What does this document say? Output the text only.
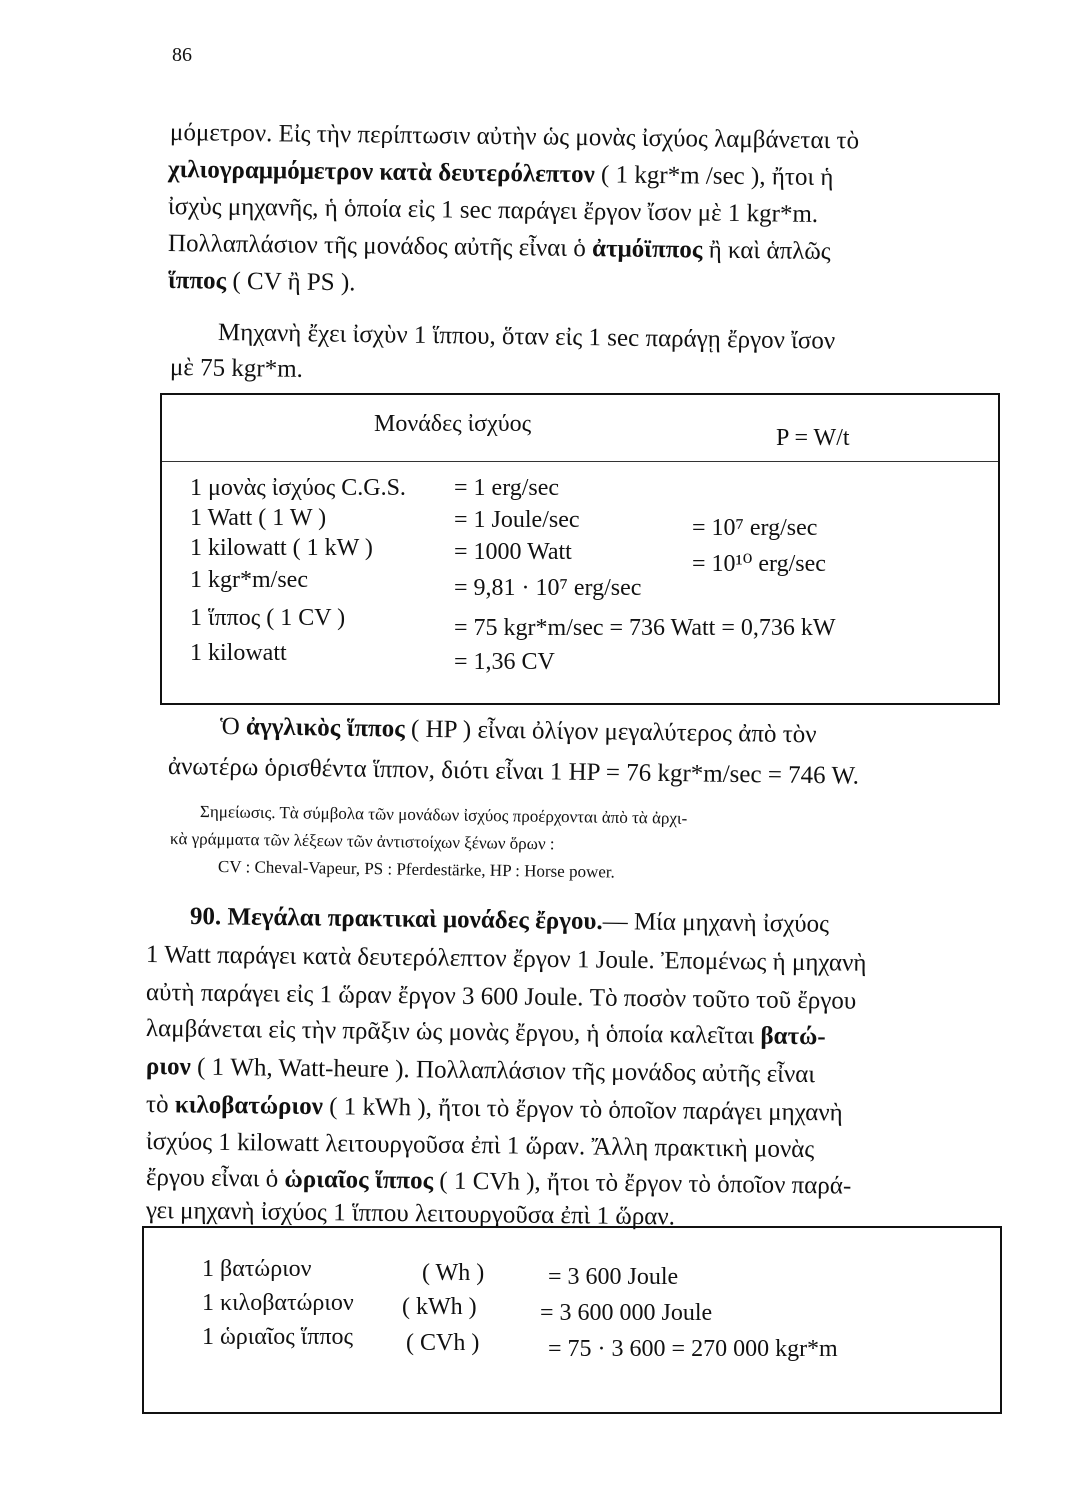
86
μόμετρον. Εἰς τὴν περίπτωσιν αὐτὴν ὡς μονὰς ἰσχύος λαμβάνεται τὸ
χιλιογραμμόμετρον κατὰ δευτερόλεπτον ( 1 kgr*m /sec ), ἤτοι ἡ
ἰσχὺς μηχανῆς, ἡ ὁποία εἰς 1 sec παράγει ἔργον ἴσον μὲ 1 kgr*m.
Πολλαπλάσιον τῆς μονάδος αὐτῆς εἶναι ὁ ἀτμόϊππος ἢ καὶ ἁπλῶς
ἵππος ( CV ἢ PS ).
Μηχανὴ ἔχει ἰσχὺν 1 ἵππου, ὅταν εἰς 1 sec παράγῃ ἔργον ἴσον
μὲ 75 kgr*m.
Μονάδες ἰσχύος
P = W/t
1 μονὰς ἰσχύος C.G.S. = 1 erg/sec
1 Watt ( 1 W )	= 1 Joule/sec	= 10⁷ erg/sec
1 kilowatt ( 1 kW )	= 1000 Watt	= 10¹⁰ erg/sec
1 kgr*m/sec	= 9,81 · 10⁷ erg/sec
1 ἵππος ( 1 CV )	= 75 kgr*m/sec = 736 Watt = 0,736 kW
1 kilowatt	= 1,36 CV
Ὁ ἀγγλικὸς ἵππος ( HP ) εἶναι ὀλίγον μεγαλύτερος ἀπὸ τὸν
ἀνωτέρω ὁρισθέντα ἵππον, διότι εἶναι 1 HP = 76 kgr*m/sec = 746 W.
Σημείωσις. Τὰ σύμβολα τῶν μονάδων ἰσχύος προέρχονται ἀπὸ τὰ ἀρχι-
κὰ γράμματα τῶν λέξεων τῶν ἀντιστοίχων ξένων ὅρων :
CV : Cheval-Vapeur, PS : Pferdestärke, HP : Horse power.
90. Μεγάλαι πρακτικαὶ μονάδες ἔργου.— Μία μηχανὴ ἰσχύος
1 Watt παράγει κατὰ δευτερόλεπτον ἔργον 1 Joule. Ἐπομένως ἡ μηχανὴ
αὐτὴ παράγει εἰς 1 ὥραν ἔργον 3 600 Joule. Τὸ ποσὸν τοῦτο τοῦ ἔργου
λαμβάνεται εἰς τὴν πρᾶξιν ὡς μονὰς ἔργου, ἡ ὁποία καλεῖται βατώ-
ριον ( 1 Wh, Watt-heure ). Πολλαπλάσιον τῆς μονάδος αὐτῆς εἶναι
τὸ κιλοβατώριον ( 1 kWh ), ἤτοι τὸ ἔργον τὸ ὁποῖον παράγει μηχανὴ
ἰσχύος 1 kilowatt λειτουργοῦσα ἐπὶ 1 ὥραν. Ἄλλη πρακτικὴ μονὰς
ἔργου εἶναι ὁ ὡριαῖος ἵππος ( 1 CVh ), ἤτοι τὸ ἔργον τὸ ὁποῖον παρά-
γει μηχανὴ ἰσχύος 1 ἵππου λειτουργοῦσα ἐπὶ 1 ὥραν.
1 βατώριον	( Wh )	= 3 600 Joule
1 κιλοβατώριον ( kWh )	= 3 600 000 Joule
1 ὡριαῖος ἵππος ( CVh )	= 75 · 3 600 = 270 000 kgr*m
